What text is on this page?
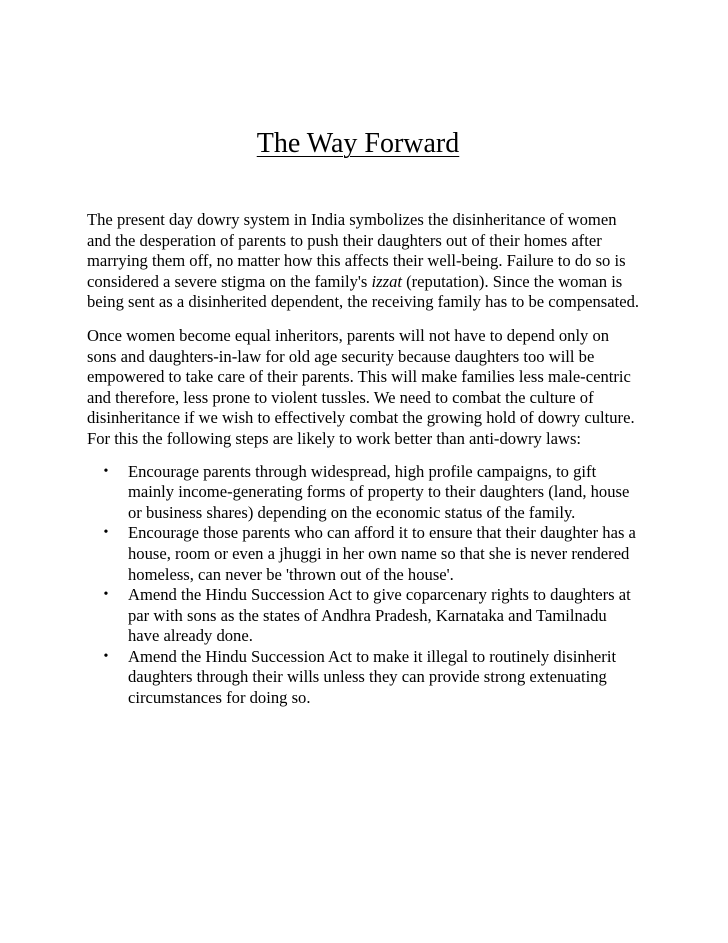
The Way Forward

The present day dowry system in India symbolizes the disinheritance of women
and the desperation of parents to push their daughters out of their homes after
marrying them off, no matter how this affects their well-being. Failure to do so is
considered a severe stigma on the family's izzat (reputation). Since the woman is
being sent as a disinherited dependent, the receiving family has to be compensated.

Once women become equal inheritors, parents will not have to depend only on
sons and daughters-in-law for old age security because daughters too will be
empowered to take care of their parents. This will make families less male-centric
and therefore, less prone to violent tussles. We need to combat the culture of
disinheritance if we wish to effectively combat the growing hold of dowry culture.
For this the following steps are likely to work better than anti-dowry laws:

• Encourage parents through widespread, high profile campaigns, to gift
mainly income-generating forms of property to their daughters (land, house
or business shares) depending on the economic status of the family.
• Encourage those parents who can afford it to ensure that their daughter has a
house, room or even a jhuggi in her own name so that she is never rendered
homeless, can never be 'thrown out of the house'.
• Amend the Hindu Succession Act to give coparcenary rights to daughters at
par with sons as the states of Andhra Pradesh, Karnataka and Tamilnadu
have already done.
• Amend the Hindu Succession Act to make it illegal to routinely disinherit
daughters through their wills unless they can provide strong extenuating
circumstances for doing so.
